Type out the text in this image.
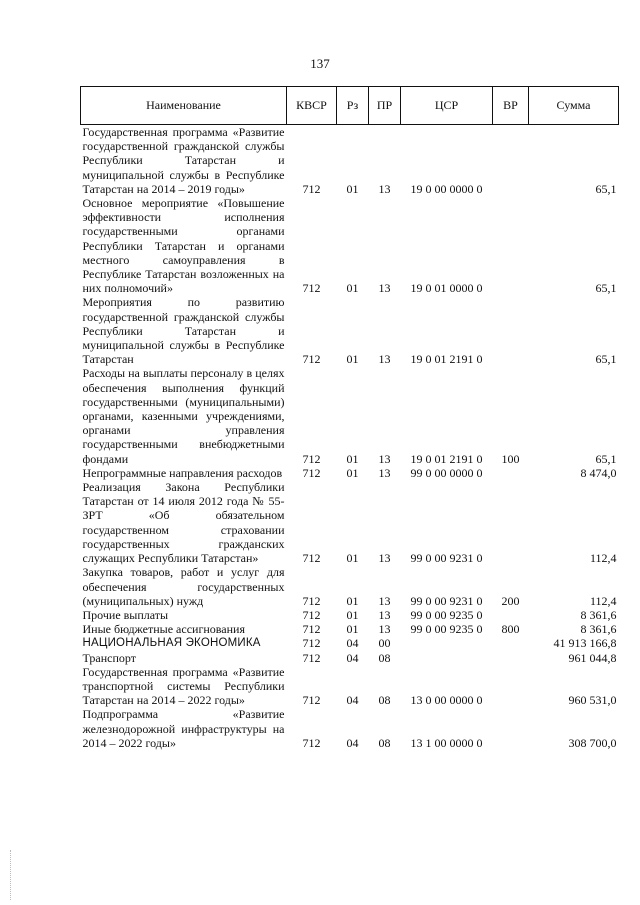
137
Наименование	КВСР	Рз	ПР	ЦСР	ВР	Сумма
Государственная программа «Развитие государственной гражданской службы Республики Татарстан и муниципальной службы в Республике Татарстан на 2014 – 2019 годы»	712	01	13	19 0 00 0000 0		65,1
Основное мероприятие «Повышение эффективности исполнения государственными органами Республики Татарстан и органами местного самоуправления в Республике Татарстан возложенных на них полномочий»	712	01	13	19 0 01 0000 0		65,1
Мероприятия по развитию государственной гражданской службы Республики Татарстан и муниципальной службы в Республике Татарстан	712	01	13	19 0 01 2191 0		65,1
Расходы на выплаты персоналу в целях обеспечения выполнения функций государственными (муниципальными) органами, казенными учреждениями, органами управления государственными внебюджетными фондами	712	01	13	19 0 01 2191 0	100	65,1
Непрограммные направления расходов	712	01	13	99 0 00 0000 0		8 474,0
Реализация Закона Республики Татарстан от 14 июля 2012 года № 55-ЗРТ «Об обязательном государственном страховании государственных гражданских служащих Республики Татарстан»	712	01	13	99 0 00 9231 0		112,4
Закупка товаров, работ и услуг для обеспечения государственных (муниципальных) нужд	712	01	13	99 0 00 9231 0	200	112,4
Прочие выплаты	712	01	13	99 0 00 9235 0		8 361,6
Иные бюджетные ассигнования	712	01	13	99 0 00 9235 0	800	8 361,6
НАЦИОНАЛЬНАЯ ЭКОНОМИКА	712	04	00			41 913 166,8
Транспорт	712	04	08			961 044,8
Государственная программа «Развитие транспортной системы Республики Татарстан на 2014 – 2022 годы»	712	04	08	13 0 00 0000 0		960 531,0
Подпрограмма «Развитие железнодорожной инфраструктуры на 2014 – 2022 годы»	712	04	08	13 1 00 0000 0		308 700,0
